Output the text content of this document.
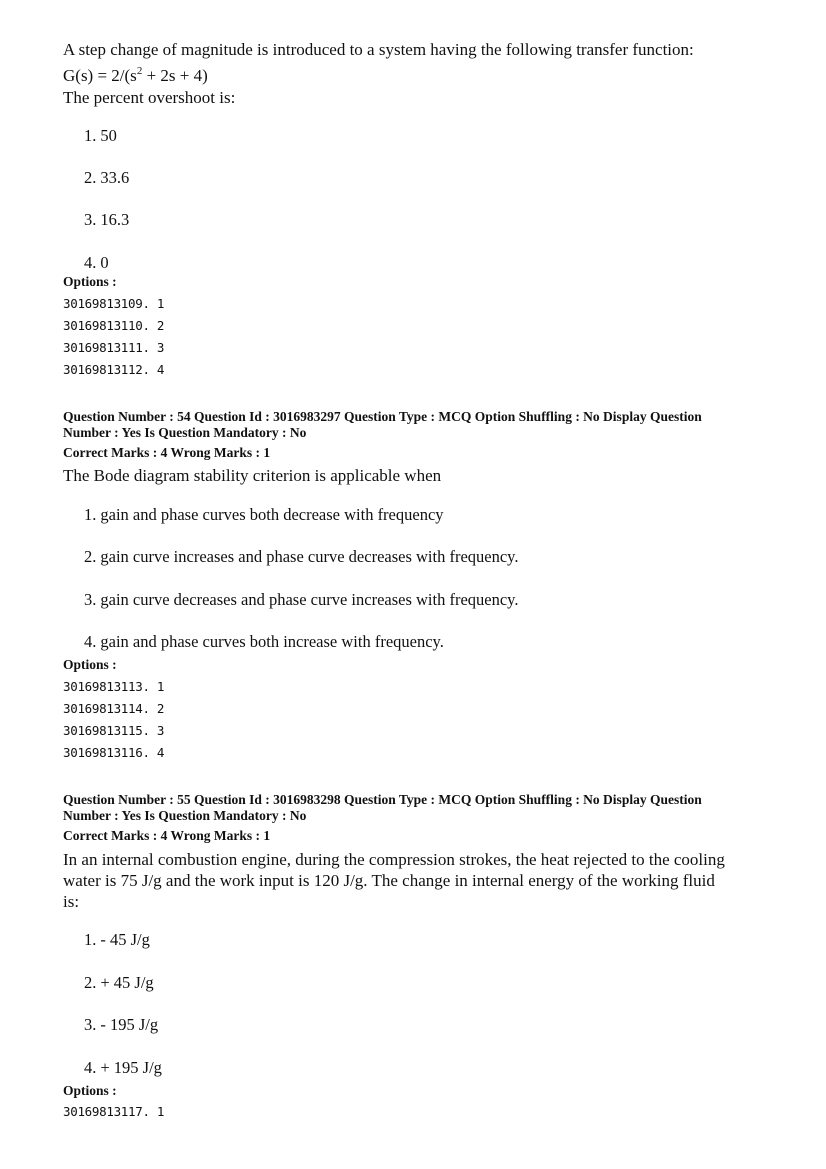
A step change of magnitude is introduced to a system having the following transfer function:
$G(s) = 2/(s^2 + 2s + 4)$
The percent overshoot is:
1. 50
2. 33.6
3. 16.3
4. 0
Options :
30169813109. 1
30169813110. 2
30169813111. 3
30169813112. 4
Question Number : 54 Question Id : 3016983297 Question Type : MCQ Option Shuffling : No Display Question
Number : Yes Is Question Mandatory : No
Correct Marks : 4 Wrong Marks : 1
The Bode diagram stability criterion is applicable when
1. gain and phase curves both decrease with frequency
2. gain curve increases and phase curve decreases with frequency.
3. gain curve decreases and phase curve increases with frequency.
4. gain and phase curves both increase with frequency.
Options :
30169813113. 1
30169813114. 2
30169813115. 3
30169813116. 4
Question Number : 55 Question Id : 3016983298 Question Type : MCQ Option Shuffling : No Display Question
Number : Yes Is Question Mandatory : No
Correct Marks : 4 Wrong Marks : 1
In an internal combustion engine, during the compression strokes, the heat rejected to the cooling
water is 75 J/g and the work input is 120 J/g. The change in internal energy of the working fluid
is:
1. - 45 J/g
2. + 45 J/g
3. - 195 J/g
4. + 195 J/g
Options :
30169813117. 1
